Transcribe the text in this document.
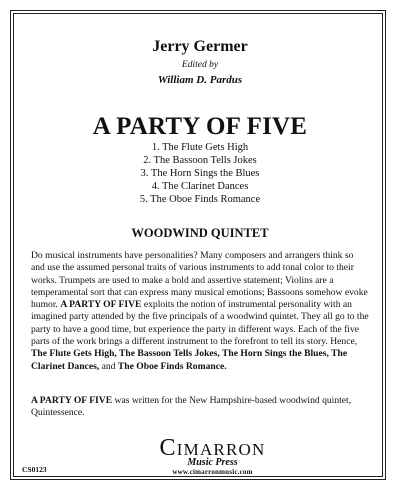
Jerry Germer
Edited by
William D. Pardus
A PARTY OF FIVE
1. The Flute Gets High
2. The Bassoon Tells Jokes
3. The Horn Sings the Blues
4. The Clarinet Dances
5. The Oboe Finds Romance
WOODWIND QUINTET

Do musical instruments have personalities? Many composers and arrangers think so and use the assumed personal traits of various instruments to add tonal color to their works. Trumpets are used to make a bold and assertive statement; Violins are a temperamental sort that can express many musical emotions; Bassoons somehow evoke humor. A PARTY OF FIVE exploits the notion of instrumental personality with an imagined party attended by the five principals of a woodwind quintet. They all go to the party to have a good time, but experience the party in different ways. Each of the five parts of the work brings a different instrument to the forefront to tell its story. Hence, The Flute Gets High, The Bassoon Tells Jokes, The Horn Sings the Blues, The Clarinet Dances, and The Oboe Finds Romance.

A PARTY OF FIVE was written for the New Hampshire-based woodwind quintet, Quintessence.

CIMARRON
Music Press
www.cimarronmusic.com
CS0123
